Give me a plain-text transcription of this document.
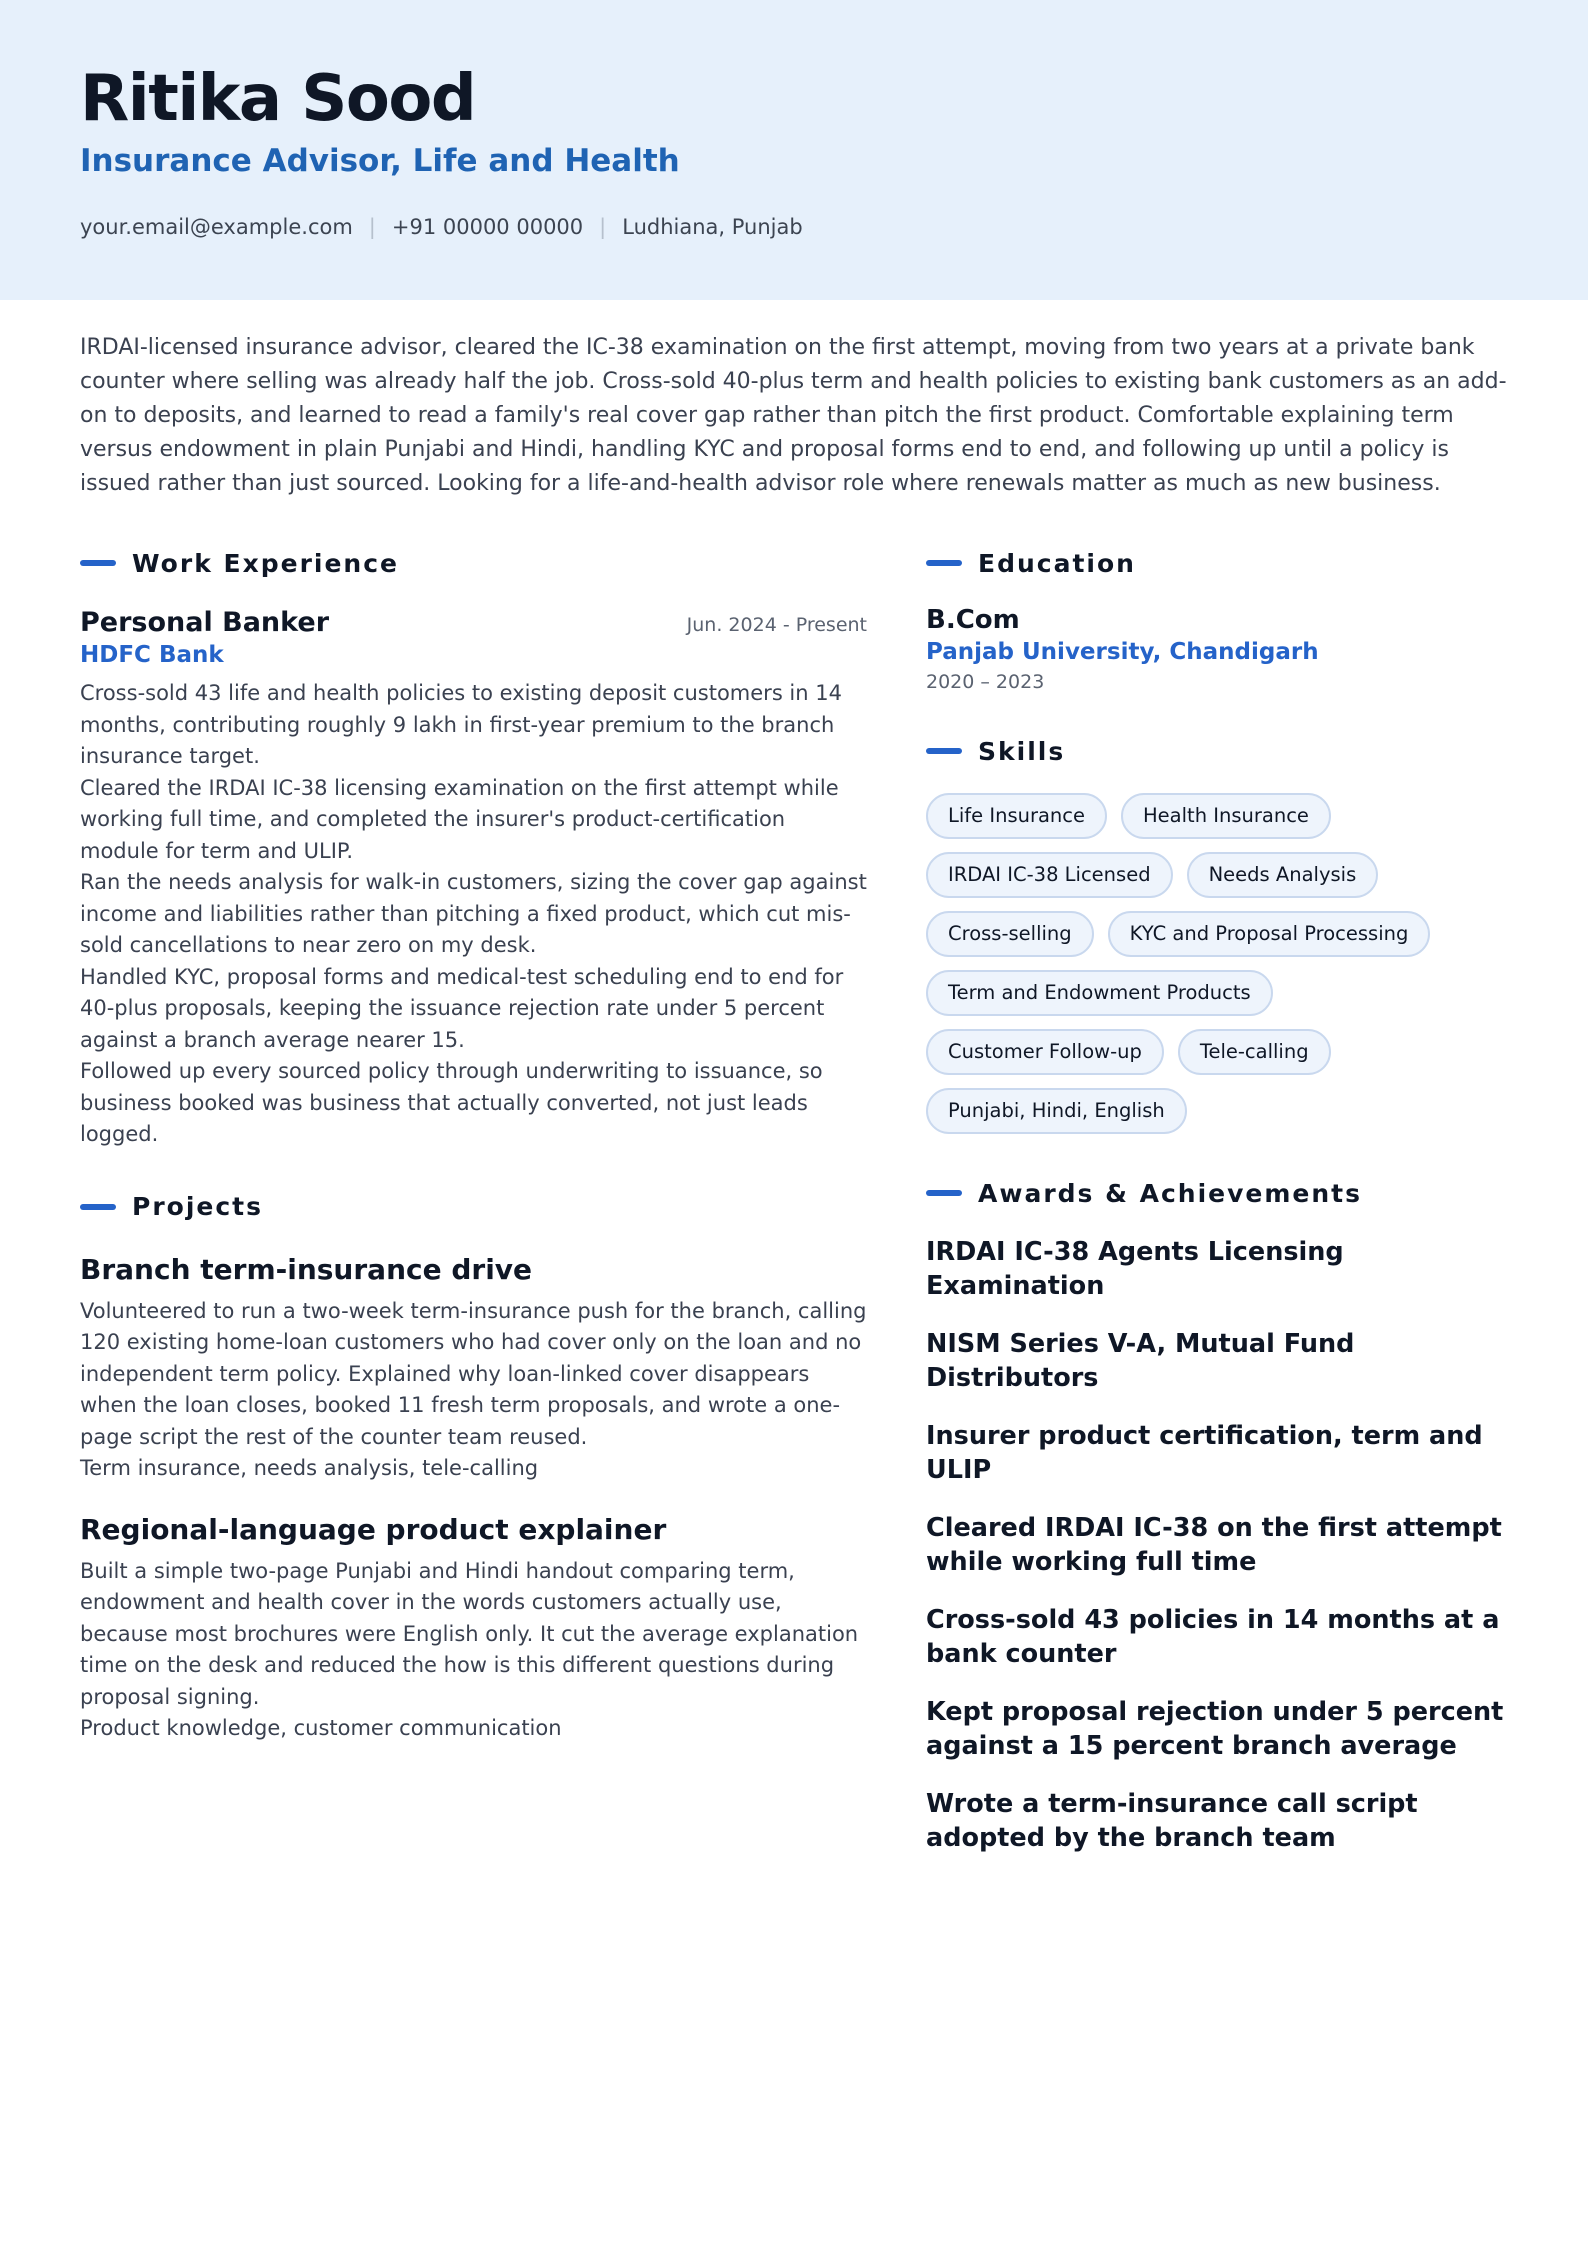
Ritika Sood
Insurance Advisor, Life and Health
your.email@example.com | +91 00000 00000 | Ludhiana, Punjab
IRDAI-licensed insurance advisor, cleared the IC-38 examination on the first attempt, moving from two years at a private bank counter where selling was already half the job. Cross-sold 40-plus term and health policies to existing bank customers as an add-on to deposits, and learned to read a family's real cover gap rather than pitch the first product. Comfortable explaining term versus endowment in plain Punjabi and Hindi, handling KYC and proposal forms end to end, and following up until a policy is issued rather than just sourced. Looking for a life-and-health advisor role where renewals matter as much as new business.
Work Experience
Personal Banker	Jun. 2024 - Present
HDFC Bank
Cross-sold 43 life and health policies to existing deposit customers in 14 months, contributing roughly 9 lakh in first-year premium to the branch insurance target.
Cleared the IRDAI IC-38 licensing examination on the first attempt while working full time, and completed the insurer's product-certification module for term and ULIP.
Ran the needs analysis for walk-in customers, sizing the cover gap against income and liabilities rather than pitching a fixed product, which cut mis-sold cancellations to near zero on my desk.
Handled KYC, proposal forms and medical-test scheduling end to end for 40-plus proposals, keeping the issuance rejection rate under 5 percent against a branch average nearer 15.
Followed up every sourced policy through underwriting to issuance, so business booked was business that actually converted, not just leads logged.
Projects
Branch term-insurance drive
Volunteered to run a two-week term-insurance push for the branch, calling 120 existing home-loan customers who had cover only on the loan and no independent term policy. Explained why loan-linked cover disappears when the loan closes, booked 11 fresh term proposals, and wrote a one-page script the rest of the counter team reused.
Term insurance, needs analysis, tele-calling
Regional-language product explainer
Built a simple two-page Punjabi and Hindi handout comparing term, endowment and health cover in the words customers actually use, because most brochures were English only. It cut the average explanation time on the desk and reduced the how is this different questions during proposal signing.
Product knowledge, customer communication
Education
B.Com
Panjab University, Chandigarh
2020 – 2023
Skills
Life Insurance	Health Insurance
IRDAI IC-38 Licensed	Needs Analysis
Cross-selling	KYC and Proposal Processing
Term and Endowment Products
Customer Follow-up	Tele-calling
Punjabi, Hindi, English
Awards & Achievements
IRDAI IC-38 Agents Licensing Examination
NISM Series V-A, Mutual Fund Distributors
Insurer product certification, term and ULIP
Cleared IRDAI IC-38 on the first attempt while working full time
Cross-sold 43 policies in 14 months at a bank counter
Kept proposal rejection under 5 percent against a 15 percent branch average
Wrote a term-insurance call script adopted by the branch team
